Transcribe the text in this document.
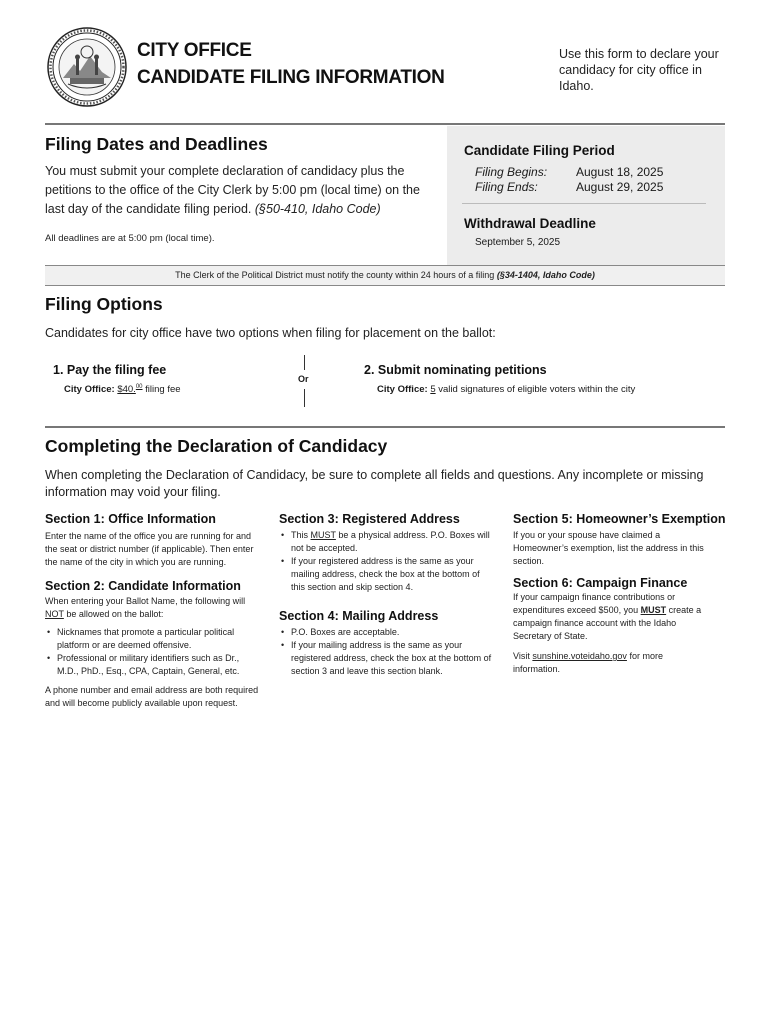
CITY OFFICE
CANDIDATE FILING INFORMATION
Use this form to declare your candidacy for city office in Idaho.
Filing Dates and Deadlines
You must submit your complete declaration of candidacy plus the petitions to the office of the City Clerk by 5:00 pm (local time) on the last day of the candidate filing period. (§50-410, Idaho Code)
All deadlines are at 5:00 pm (local time).
Candidate Filing Period
Filing Begins: August 18, 2025
Filing Ends:	August 29, 2025
Withdrawal Deadline
September 5, 2025
The Clerk of the Political District must notify the county within 24 hours of a filing (§34-1404, Idaho Code)
Filing Options
Candidates for city office have two options when filing for placement on the ballot:
1. Pay the filing fee
City Office: $40.00 filing fee
Or
2. Submit nominating petitions
City Office: 5 valid signatures of eligible voters within the city
Completing the Declaration of Candidacy
When completing the Declaration of Candidacy, be sure to complete all fields and questions. Any incomplete or missing information may void your filing.
Section 1: Office Information
Enter the name of the office you are running for and the seat or district number (if applicable). Then enter the name of the city in which you are running.
Section 2: Candidate Information
When entering your Ballot Name, the following will NOT be allowed on the ballot:
• Nicknames that promote a particular political platform or are deemed offensive.
• Professional or military identifiers such as Dr., M.D., PhD., Esq., CPA, Captain, General, etc.
A phone number and email address are both required and will become publicly available upon request.
Section 3: Registered Address
• This MUST be a physical address. P.O. Boxes will not be accepted.
• If your registered address is the same as your mailing address, check the box at the bottom of this section and skip section 4.
Section 4: Mailing Address
• P.O. Boxes are acceptable.
• If your mailing address is the same as your registered address, check the box at the bottom of section 3 and leave this section blank.
Section 5: Homeowner’s Exemption
If you or your spouse have claimed a Homeowner’s exemption, list the address in this section.
Section 6: Campaign Finance
If your campaign finance contributions or expenditures exceed $500, you MUST create a campaign finance account with the Idaho Secretary of State.
Visit sunshine.voteidaho.gov for more information.
